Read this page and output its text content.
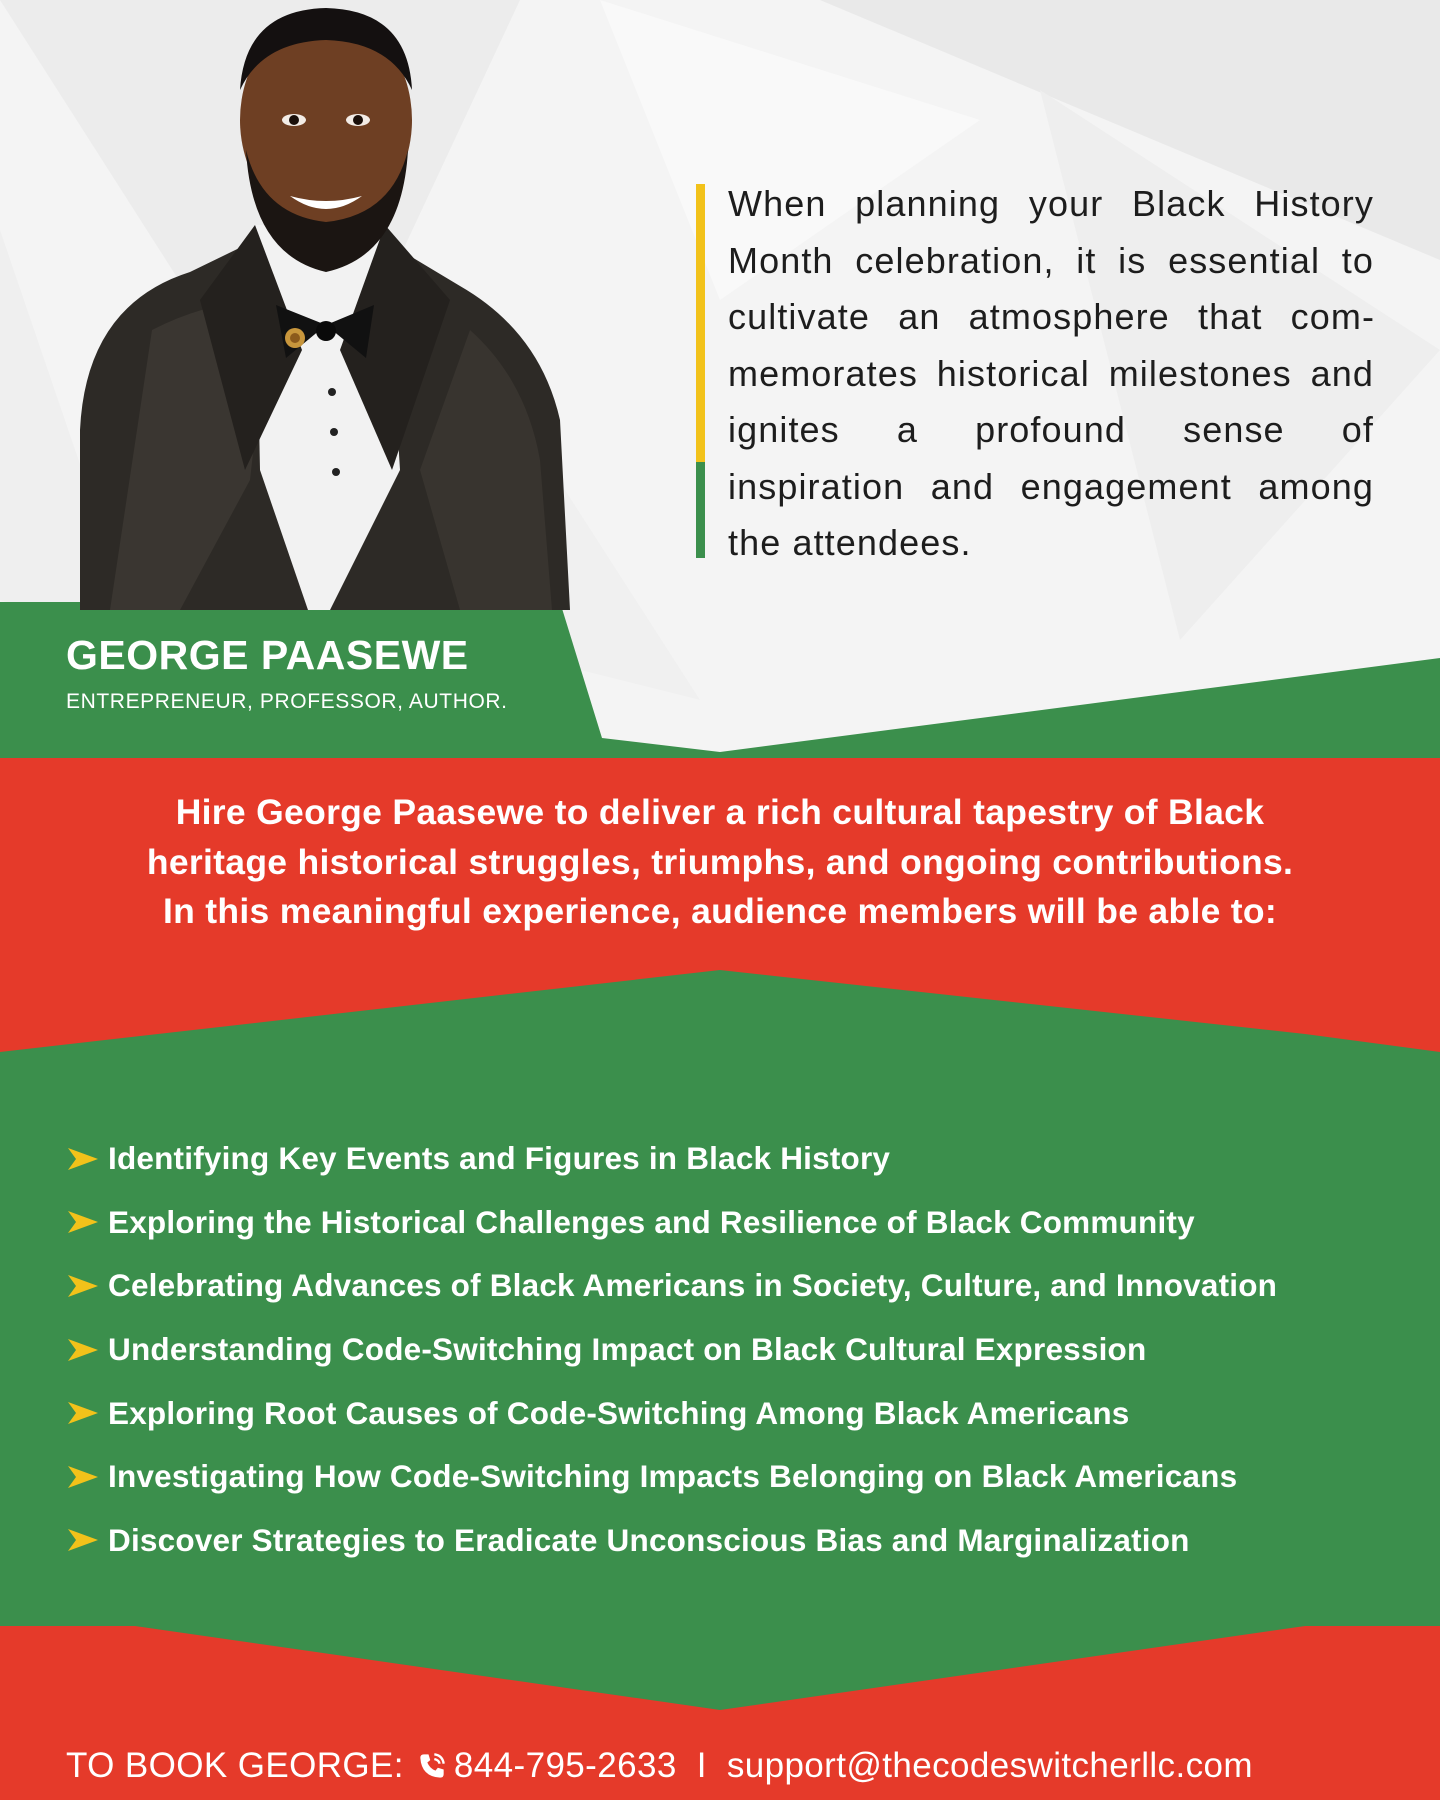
When planning your Black History Month celebration, it is essential to cultivate an atmosphere that commemorates historical milestones and ignites a profound sense of inspiration and engagement among the attendees.

GEORGE PAASEWE

ENTREPRENEUR, PROFESSOR, AUTHOR.

Hire George Paasewe to deliver a rich cultural tapestry of Black
heritage historical struggles, triumphs, and ongoing contributions.
In this meaningful experience, audience members will be able to:
Identifying Key Events and Figures in Black History
Exploring the Historical Challenges and Resilience of Black Community
Celebrating Advances of Black Americans in Society, Culture, and Innovation
Understanding Code-Switching Impact on Black Cultural Expression
Exploring Root Causes of Code-Switching Among Black Americans
Investigating How Code-Switching Impacts Belonging on Black Americans
Discover Strategies to Eradicate Unconscious Bias and Marginalization
TO BOOK GEORGE: 844-795-2633 I support@thecodeswitcherllc.com
